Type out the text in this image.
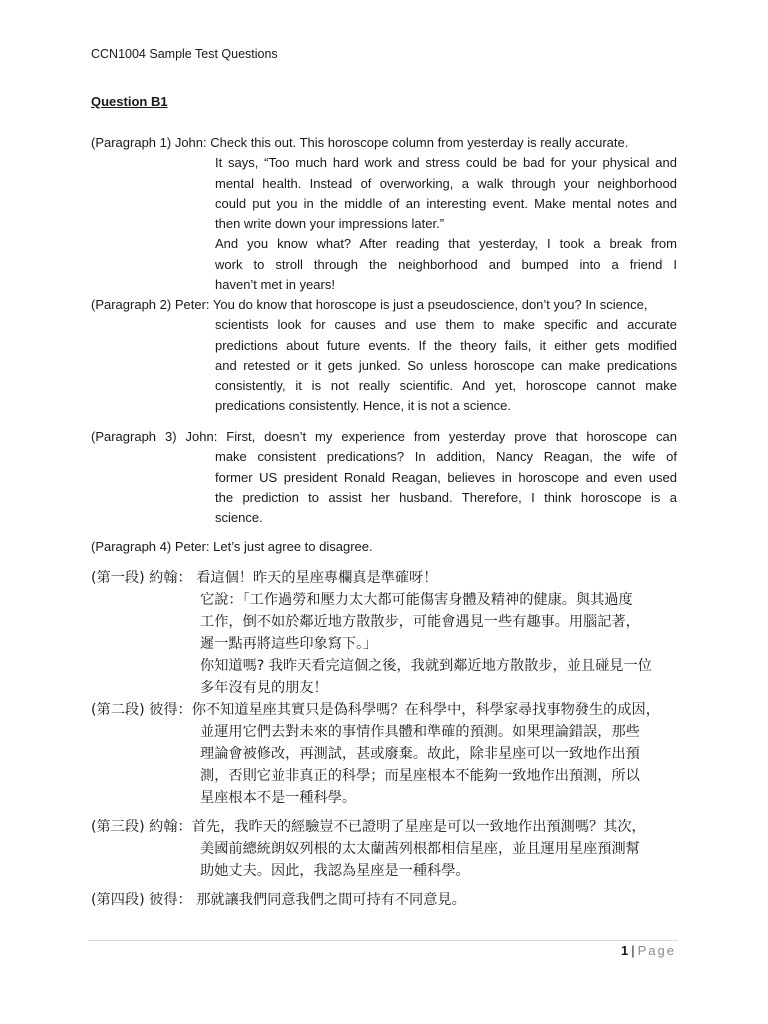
CCN1004 Sample Test Questions
Question B1
(Paragraph 1) John: Check this out. This horoscope column from yesterday is really accurate.
It says, “Too much hard work and stress could be bad for your physical and
mental health. Instead of overworking, a walk through your neighborhood
could put you in the middle of an interesting event. Make mental notes and
then write down your impressions later.”
And you know what? After reading that yesterday, I took a break from
work to stroll through the neighborhood and bumped into a friend I
haven’t met in years!
(Paragraph 2) Peter: You do know that horoscope is just a pseudoscience, don’t you? In science,
scientists look for causes and use them to make specific and accurate
predictions about future events. If the theory fails, it either gets modified
and retested or it gets junked. So unless horoscope can make predications
consistently, it is not really scientific. And yet, horoscope cannot make
predications consistently. Hence, it is not a science.
(Paragraph 3) John: First, doesn’t my experience from yesterday prove that horoscope can
make consistent predications? In addition, Nancy Reagan, the wife of
former US president Ronald Reagan, believes in horoscope and even used
the prediction to assist her husband. Therefore, I think horoscope is a
science.
(Paragraph 4) Peter: Let’s just agree to disagree.
(第一段) 約翰： 看這個！昨天的星座專欄真是準確呀！
它說：「工作過勞和壓力太大都可能傷害身體及精神的健康。與其過度
工作，倒不如於鄰近地方散散步，可能會遇見一些有趣事。用腦記著，
遲一點再將這些印象寫下。」
你知道嗎? 我昨天看完這個之後，我就到鄰近地方散散步，並且碰見一位
多年沒有見的朋友！
(第二段) 彼得：你不知道星座其實只是偽科學嗎？在科學中，科學家尋找事物發生的成因，
並運用它們去對未來的事情作具體和準確的預測。如果理論錯誤，那些
理論會被修改，再測試，甚或廢棄。故此，除非星座可以一致地作出預
測，否則它並非真正的科學；而星座根本不能夠一致地作出預測，所以
星座根本不是一種科學。
(第三段) 約翰：首先，我昨天的經驗豈不已證明了星座是可以一致地作出預測嗎？其次，
美國前總統朗奴列根的太太蘭茜列根都相信星座，並且運用星座預測幫
助她丈夫。因此，我認為星座是一種科學。
(第四段) 彼得： 那就讓我們同意我們之間可持有不同意見。
1 | Page
